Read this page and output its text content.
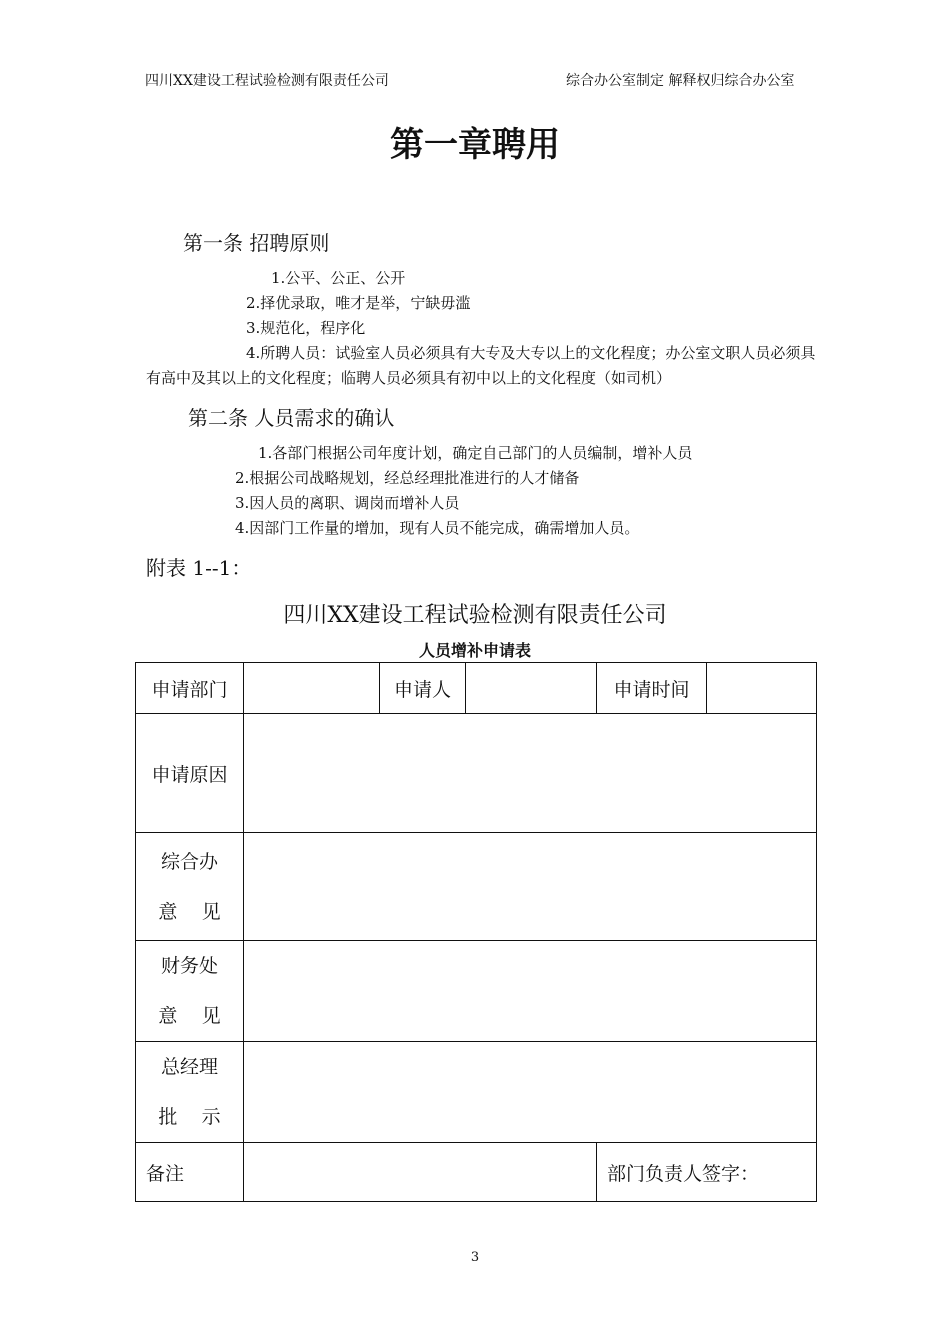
四川XX建设工程试验检测有限责任公司	综合办公室制定 解释权归综合办公室
第一章聘用
第一条 招聘原则
1.公平、公正、公开
2.择优录取，唯才是举，宁缺毋滥
3.规范化，程序化
4.所聘人员：试验室人员必须具有大专及大专以上的文化程度；办公室文职人员必须具有高中及其以上的文化程度；临聘人员必须具有初中以上的文化程度（如司机）
第二条 人员需求的确认
1.各部门根据公司年度计划，确定自己部门的人员编制，增补人员
2.根据公司战略规划，经总经理批准进行的人才储备
3.因人员的离职、调岗而增补人员
4.因部门工作量的增加，现有人员不能完成，确需增加人员。
附表 1--1：
四川XX建设工程试验检测有限责任公司
人员增补申请表
申请部门		申请人		申请时间	
申请原因					

综合办
意    见					

财务处
意    见					

总经理
批    示					

备注				部门负责人签字：	
3
